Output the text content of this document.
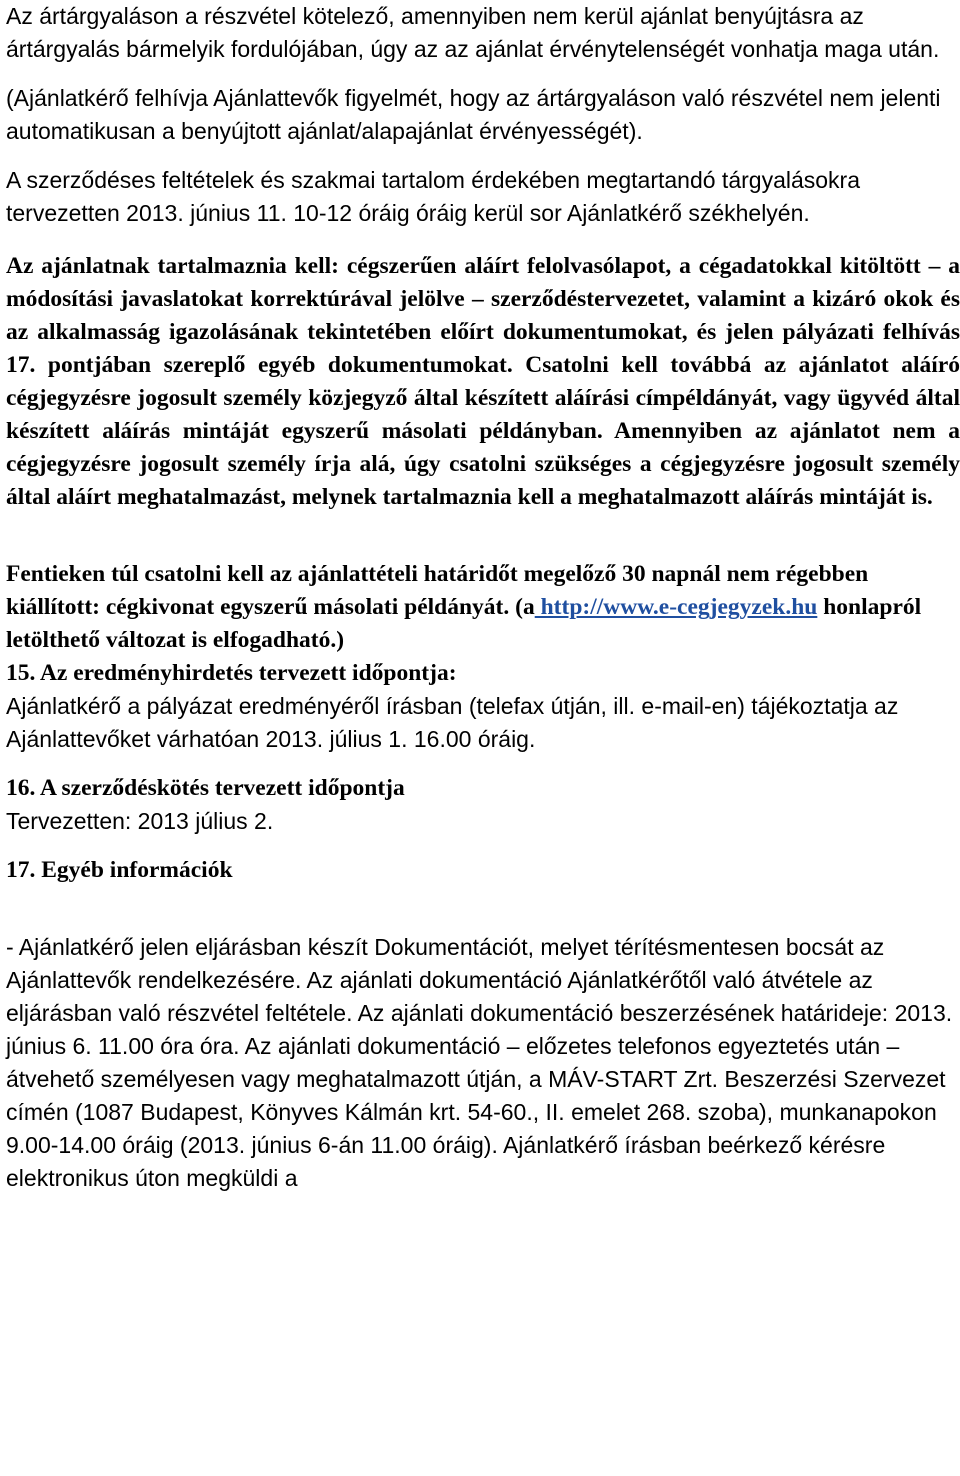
Az ártárgyaláson a részvétel kötelező, amennyiben nem kerül ajánlat benyújtásra az ártárgyalás bármelyik fordulójában, úgy az az ajánlat érvénytelenségét vonhatja maga után.

(Ajánlatkérő felhívja Ajánlattevők figyelmét, hogy az ártárgyaláson való részvétel nem jelenti automatikusan a benyújtott ajánlat/alapajánlat érvényességét).

A szerződéses feltételek és szakmai tartalom érdekében megtartandó tárgyalásokra tervezetten 2013. június 11. 10-12 óráig óráig kerül sor Ajánlatkérő székhelyén.

Az ajánlatnak tartalmaznia kell: cégszerűen aláírt felolvasólapot, a cégadatokkal kitöltött – a módosítási javaslatokat korrektúrával jelölve – szerződéstervezetet, valamint a kizáró okok és az alkalmasság igazolásának tekintetében előírt dokumentumokat, és jelen pályázati felhívás 17. pontjában szereplő egyéb dokumentumokat. Csatolni kell továbbá az ajánlatot aláíró cégjegyzésre jogosult személy közjegyző által készített aláírási címpéldányát, vagy ügyvéd által készített aláírás mintáját egyszerű másolati példányban. Amennyiben az ajánlatot nem a cégjegyzésre jogosult személy írja alá, úgy csatolni szükséges a cégjegyzésre jogosult személy által aláírt meghatalmazást, melynek tartalmaznia kell a meghatalmazott aláírás mintáját is.

Fentieken túl csatolni kell az ajánlattételi határidőt megelőző 30 napnál nem régebben kiállított: cégkivonat egyszerű másolati példányát. (a http://www.e-cegjegyzek.hu honlapról letölthető változat is elfogadható.)

15. Az eredményhirdetés tervezett időpontja:

Ajánlatkérő a pályázat eredményéről írásban (telefax útján, ill. e-mail-en) tájékoztatja az Ajánlattevőket várhatóan 2013. július 1. 16.00 óráig.

16. A szerződéskötés tervezett időpontja

Tervezetten: 2013 július 2.

17. Egyéb információk

- Ajánlatkérő jelen eljárásban készít Dokumentációt, melyet térítésmentesen bocsát az Ajánlattevők rendelkezésére. Az ajánlati dokumentáció Ajánlatkérőtől való átvétele az eljárásban való részvétel feltétele. Az ajánlati dokumentáció beszerzésének határideje: 2013. június 6. 11.00 óra óra. Az ajánlati dokumentáció – előzetes telefonos egyeztetés után – átvehető személyesen vagy meghatalmazott útján, a MÁV-START Zrt. Beszerzési Szervezet címén (1087 Budapest, Könyves Kálmán krt. 54-60., II. emelet 268. szoba), munkanapokon 9.00-14.00 óráig (2013. június 6-án 11.00 óráig). Ajánlatkérő írásban beérkező kérésre elektronikus úton megküldi a
